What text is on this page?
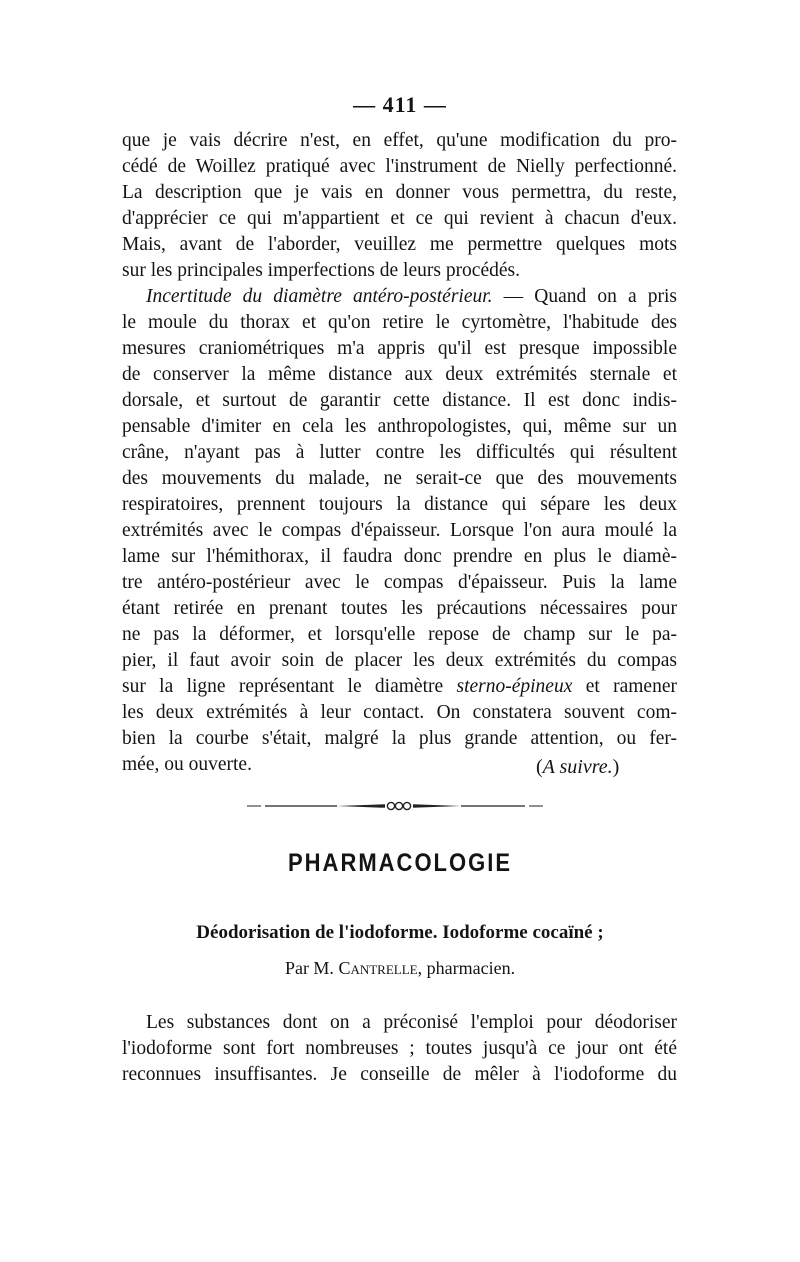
— 411 —
que je vais décrire n'est, en effet, qu'une modification du pro-
cédé de Woillez pratiqué avec l'instrument de Nielly perfectionné.
La description que je vais en donner vous permettra, du reste,
d'apprécier ce qui m'appartient et ce qui revient à chacun d'eux.
Mais, avant de l'aborder, veuillez me permettre quelques mots
sur les principales imperfections de leurs procédés.
Incertitude du diamètre antéro-postérieur. — Quand on a pris
le moule du thorax et qu'on retire le cyrtomètre, l'habitude des
mesures craniométriques m'a appris qu'il est presque impossible
de conserver la même distance aux deux extrémités sternale et
dorsale, et surtout de garantir cette distance. Il est donc indis-
pensable d'imiter en cela les anthropologistes, qui, même sur un
crâne, n'ayant pas à lutter contre les difficultés qui résultent
des mouvements du malade, ne serait-ce que des mouvements
respiratoires, prennent toujours la distance qui sépare les deux
extrémités avec le compas d'épaisseur. Lorsque l'on aura moulé la
lame sur l'hémithorax, il faudra donc prendre en plus le diamè-
tre antéro-postérieur avec le compas d'épaisseur. Puis la lame
étant retirée en prenant toutes les précautions nécessaires pour
ne pas la déformer, et lorsqu'elle repose de champ sur le pa-
pier, il faut avoir soin de placer les deux extrémités du compas
sur la ligne représentant le diamètre sterno-épineux et ramener
les deux extrémités à leur contact. On constatera souvent com-
bien la courbe s'était, malgré la plus grande attention, ou fer-
mée, ou ouverte.	(A suivre.)
PHARMACOLOGIE
Déodorisation de l'iodoforme. Iodoforme cocaïné ;
Par M. Cantrelle, pharmacien.
Les substances dont on a préconisé l'emploi pour déodoriser
l'iodoforme sont fort nombreuses ; toutes jusqu'à ce jour ont été
reconnues insuffisantes. Je conseille de mêler à l'iodoforme du
